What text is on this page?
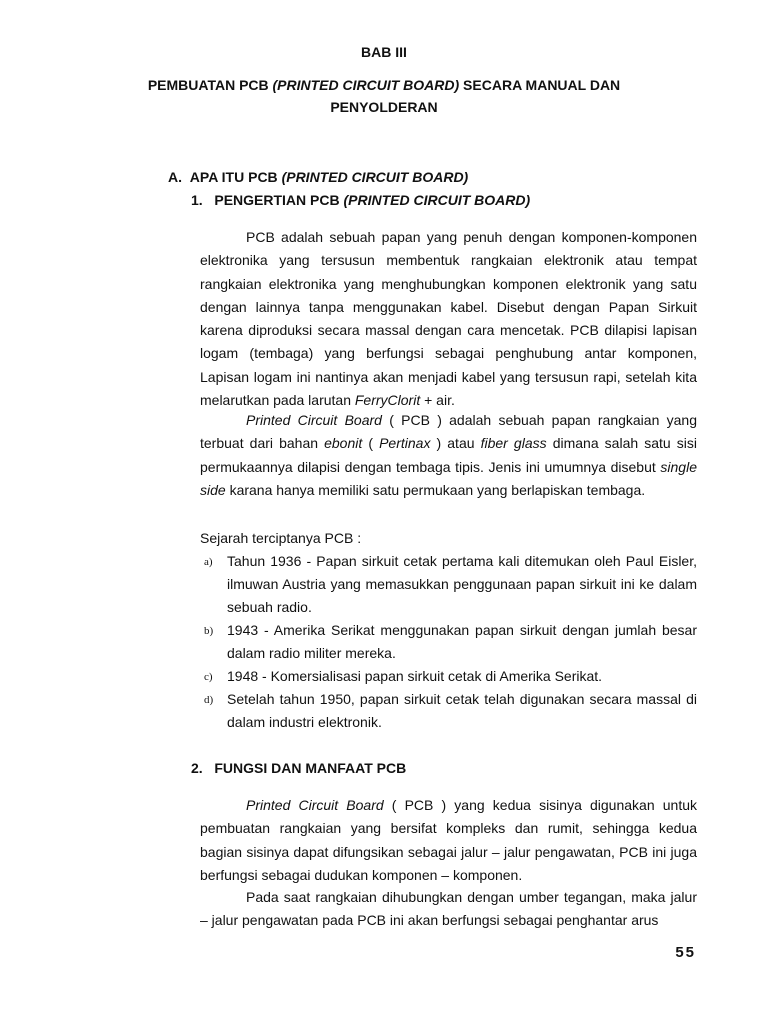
BAB III
PEMBUATAN PCB (PRINTED CIRCUIT BOARD) SECARA MANUAL DAN
PENYOLDERAN
A. APA ITU PCB (PRINTED CIRCUIT BOARD)
1. PENGERTIAN PCB (PRINTED CIRCUIT BOARD)

PCB adalah sebuah papan yang penuh dengan komponen-komponen elektronika yang tersusun membentuk rangkaian elektronik atau tempat rangkaian elektronika yang menghubungkan komponen elektronik yang satu dengan lainnya tanpa menggunakan kabel. Disebut dengan Papan Sirkuit karena diproduksi secara massal dengan cara mencetak. PCB dilapisi lapisan logam (tembaga) yang berfungsi sebagai penghubung antar komponen, Lapisan logam ini nantinya akan menjadi kabel yang tersusun rapi, setelah kita melarutkan pada larutan FerryClorit + air.

Printed Circuit Board ( PCB ) adalah sebuah papan rangkaian yang terbuat dari bahan ebonit ( Pertinax ) atau fiber glass dimana salah satu sisi permukaannya dilapisi dengan tembaga tipis. Jenis ini umumnya disebut single side karana hanya memiliki satu permukaan yang berlapiskan tembaga.

Sejarah terciptanya PCB :

a) Tahun 1936 - Papan sirkuit cetak pertama kali ditemukan oleh Paul Eisler, ilmuwan Austria yang memasukkan penggunaan papan sirkuit ini ke dalam sebuah radio.
b) 1943 - Amerika Serikat menggunakan papan sirkuit dengan jumlah besar dalam radio militer mereka.
c) 1948 - Komersialisasi papan sirkuit cetak di Amerika Serikat.
d) Setelah tahun 1950, papan sirkuit cetak telah digunakan secara massal di dalam industri elektronik.
2. FUNGSI DAN MANFAAT PCB

Printed Circuit Board ( PCB ) yang kedua sisinya digunakan untuk pembuatan rangkaian yang bersifat kompleks dan rumit, sehingga kedua bagian sisinya dapat difungsikan sebagai jalur – jalur pengawatan, PCB ini juga berfungsi sebagai dudukan komponen – komponen.

Pada saat rangkaian dihubungkan dengan umber tegangan, maka jalur – jalur pengawatan pada PCB ini akan berfungsi sebagai penghantar arus

55
